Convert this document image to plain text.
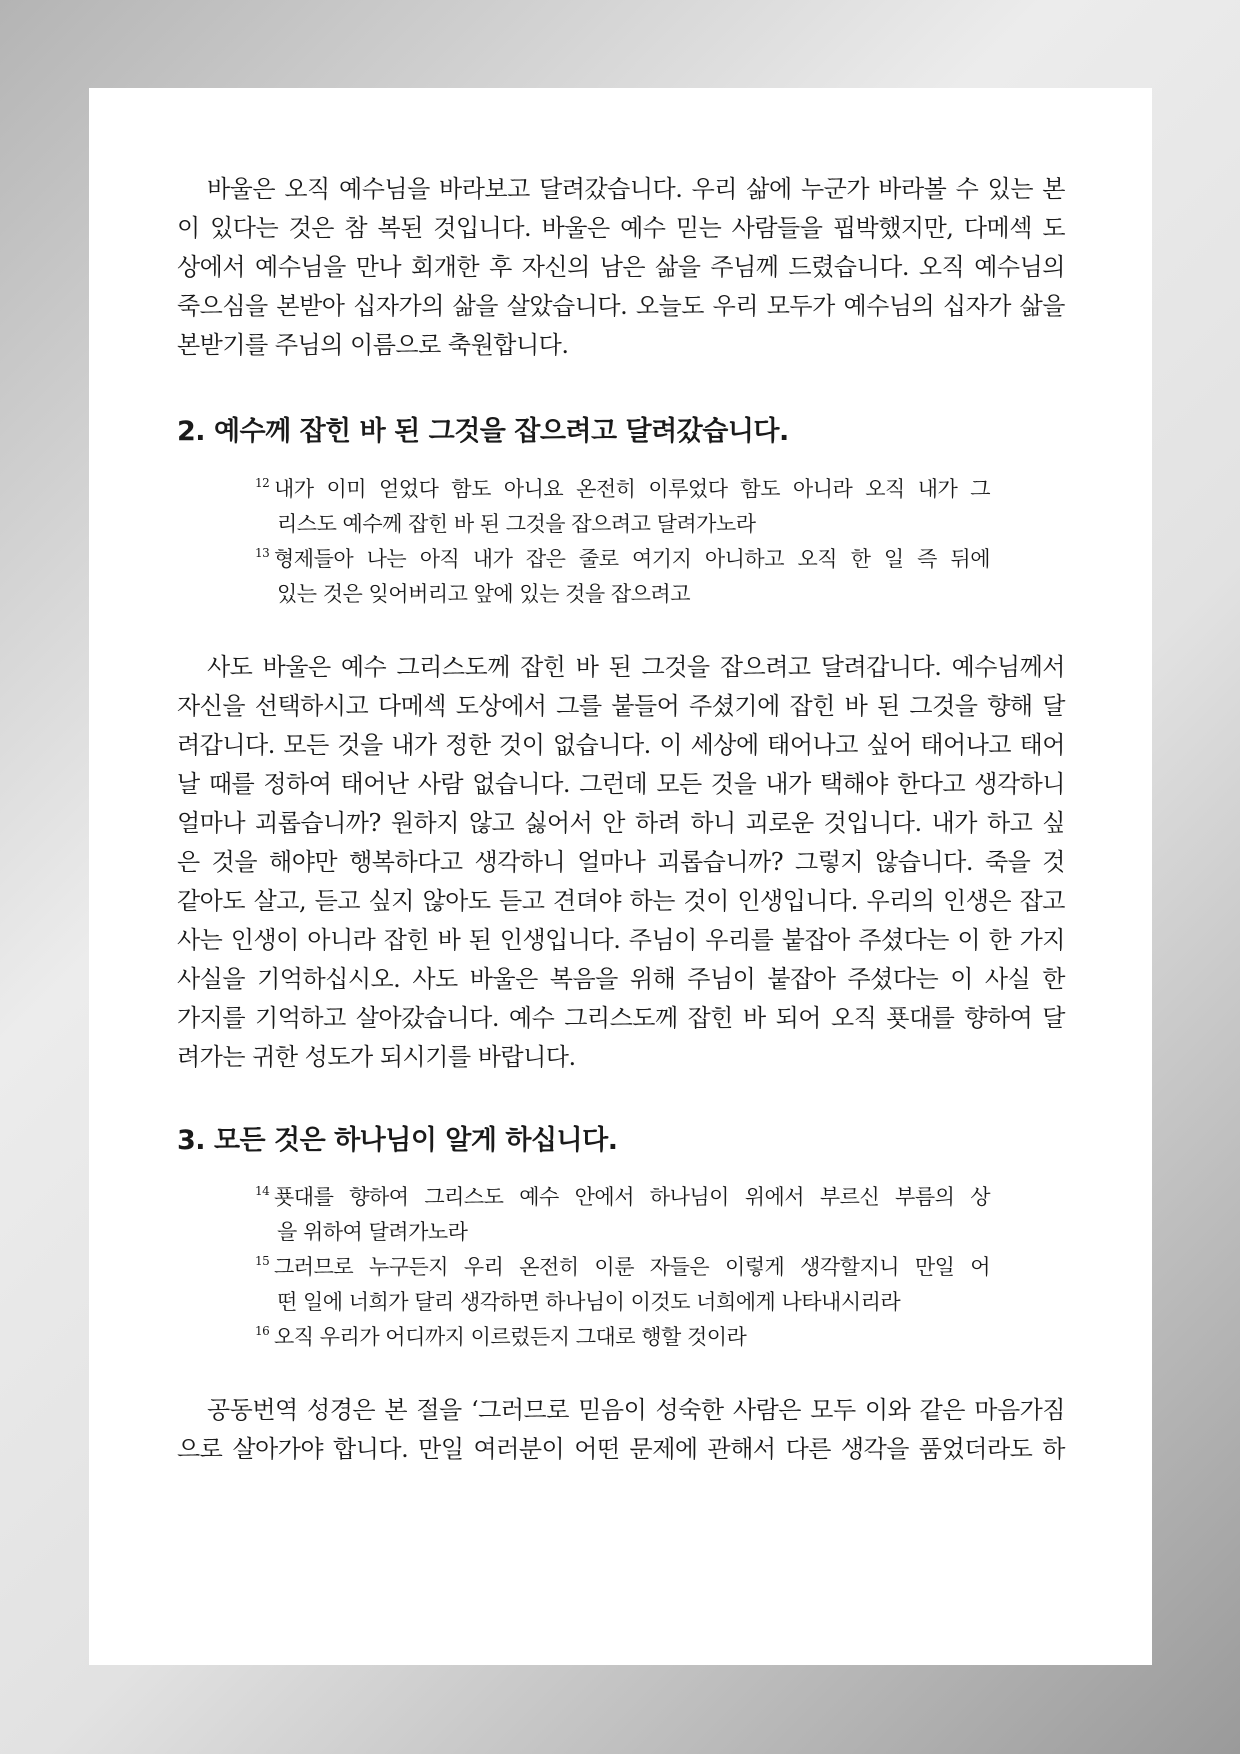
바울은 오직 예수님을 바라보고 달려갔습니다. 우리 삶에 누군가 바라볼 수 있는 본
이 있다는 것은 참 복된 것입니다. 바울은 예수 믿는 사람들을 핍박했지만, 다메섹 도
상에서 예수님을 만나 회개한 후 자신의 남은 삶을 주님께 드렸습니다. 오직 예수님의
죽으심을 본받아 십자가의 삶을 살았습니다. 오늘도 우리 모두가 예수님의 십자가 삶을
본받기를 주님의 이름으로 축원합니다.

2. 예수께 잡힌 바 된 그것을 잡으려고 달려갔습니다.
12 내가 이미 얻었다 함도 아니요 온전히 이루었다 함도 아니라 오직 내가 그
리스도 예수께 잡힌 바 된 그것을 잡으려고 달려가노라
13 형제들아 나는 아직 내가 잡은 줄로 여기지 아니하고 오직 한 일 즉 뒤에
있는 것은 잊어버리고 앞에 있는 것을 잡으려고

사도 바울은 예수 그리스도께 잡힌 바 된 그것을 잡으려고 달려갑니다. 예수님께서
자신을 선택하시고 다메섹 도상에서 그를 붙들어 주셨기에 잡힌 바 된 그것을 향해 달
려갑니다. 모든 것을 내가 정한 것이 없습니다. 이 세상에 태어나고 싶어 태어나고 태어
날 때를 정하여 태어난 사람 없습니다. 그런데 모든 것을 내가 택해야 한다고 생각하니
얼마나 괴롭습니까? 원하지 않고 싫어서 안 하려 하니 괴로운 것입니다. 내가 하고 싶
은 것을 해야만 행복하다고 생각하니 얼마나 괴롭습니까? 그렇지 않습니다. 죽을 것
같아도 살고, 듣고 싶지 않아도 듣고 견뎌야 하는 것이 인생입니다. 우리의 인생은 잡고
사는 인생이 아니라 잡힌 바 된 인생입니다. 주님이 우리를 붙잡아 주셨다는 이 한 가지
사실을 기억하십시오. 사도 바울은 복음을 위해 주님이 붙잡아 주셨다는 이 사실 한
가지를 기억하고 살아갔습니다. 예수 그리스도께 잡힌 바 되어 오직 푯대를 향하여 달
려가는 귀한 성도가 되시기를 바랍니다.

3. 모든 것은 하나님이 알게 하십니다.
14 푯대를 향하여 그리스도 예수 안에서 하나님이 위에서 부르신 부름의 상
을 위하여 달려가노라
15 그러므로 누구든지 우리 온전히 이룬 자들은 이렇게 생각할지니 만일 어
떤 일에 너희가 달리 생각하면 하나님이 이것도 너희에게 나타내시리라
16 오직 우리가 어디까지 이르렀든지 그대로 행할 것이라

공동번역 성경은 본 절을 ‘그러므로 믿음이 성숙한 사람은 모두 이와 같은 마음가짐
으로 살아가야 합니다. 만일 여러분이 어떤 문제에 관해서 다른 생각을 품었더라도 하
